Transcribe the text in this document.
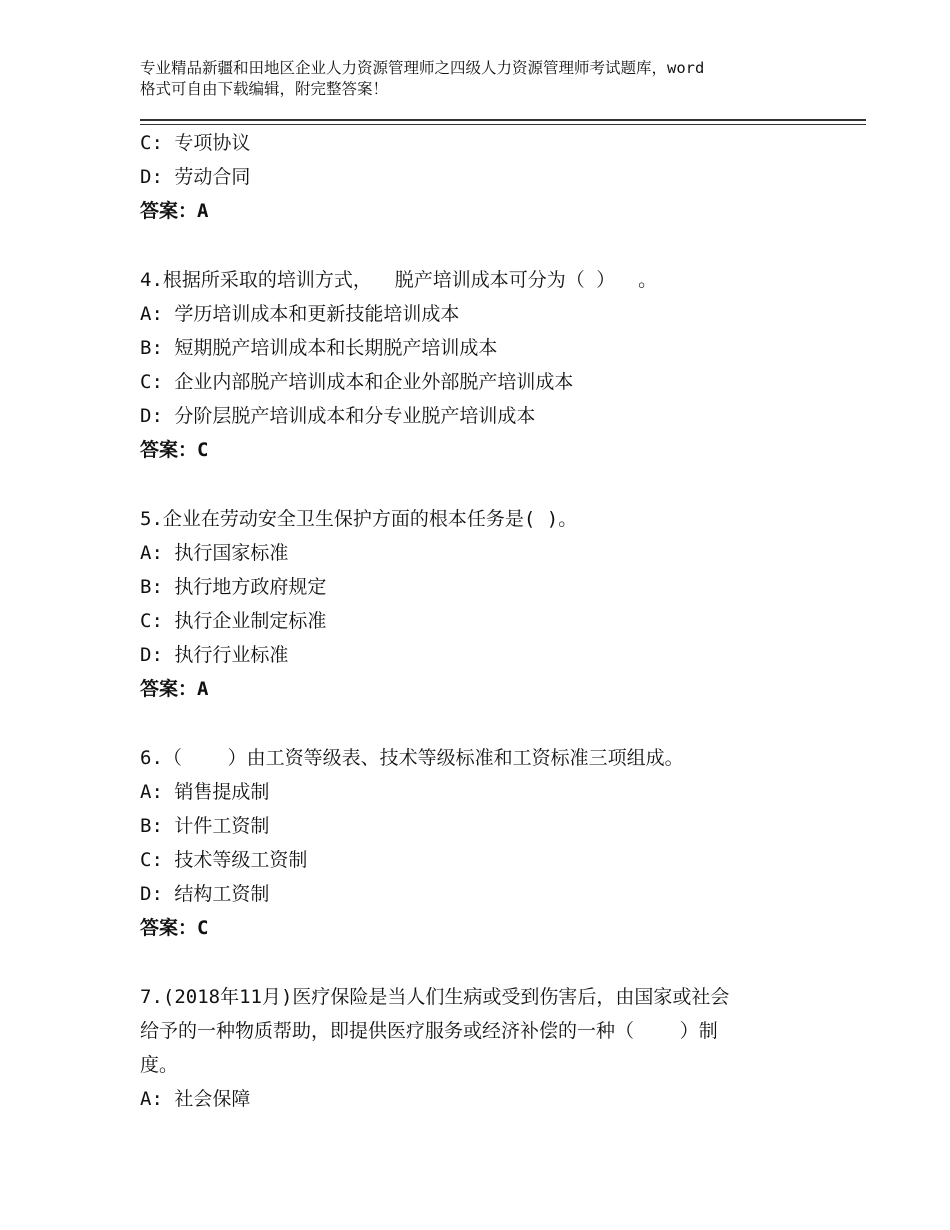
专业精品新疆和田地区企业人力资源管理师之四级人力资源管理师考试题库，word
格式可自由下载编辑，附完整答案！
C: 专项协议
D: 劳动合同
答案：A
4.根据所采取的培训方式，  脱产培训成本可分为（ ）  。
A: 学历培训成本和更新技能培训成本
B: 短期脱产培训成本和长期脱产培训成本
C: 企业内部脱产培训成本和企业外部脱产培训成本
D: 分阶层脱产培训成本和分专业脱产培训成本
答案：C
5.企业在劳动安全卫生保护方面的根本任务是( )。
A: 执行国家标准
B: 执行地方政府规定
C: 执行企业制定标准
D: 执行行业标准
答案：A
6.（    ）由工资等级表、技术等级标准和工资标准三项组成。
A: 销售提成制
B: 计件工资制
C: 技术等级工资制
D: 结构工资制
答案：C
7.(2018年11月)医疗保险是当人们生病或受到伤害后，由国家或社会
给予的一种物质帮助，即提供医疗服务或经济补偿的一种（    ）制
度。
A: 社会保障
